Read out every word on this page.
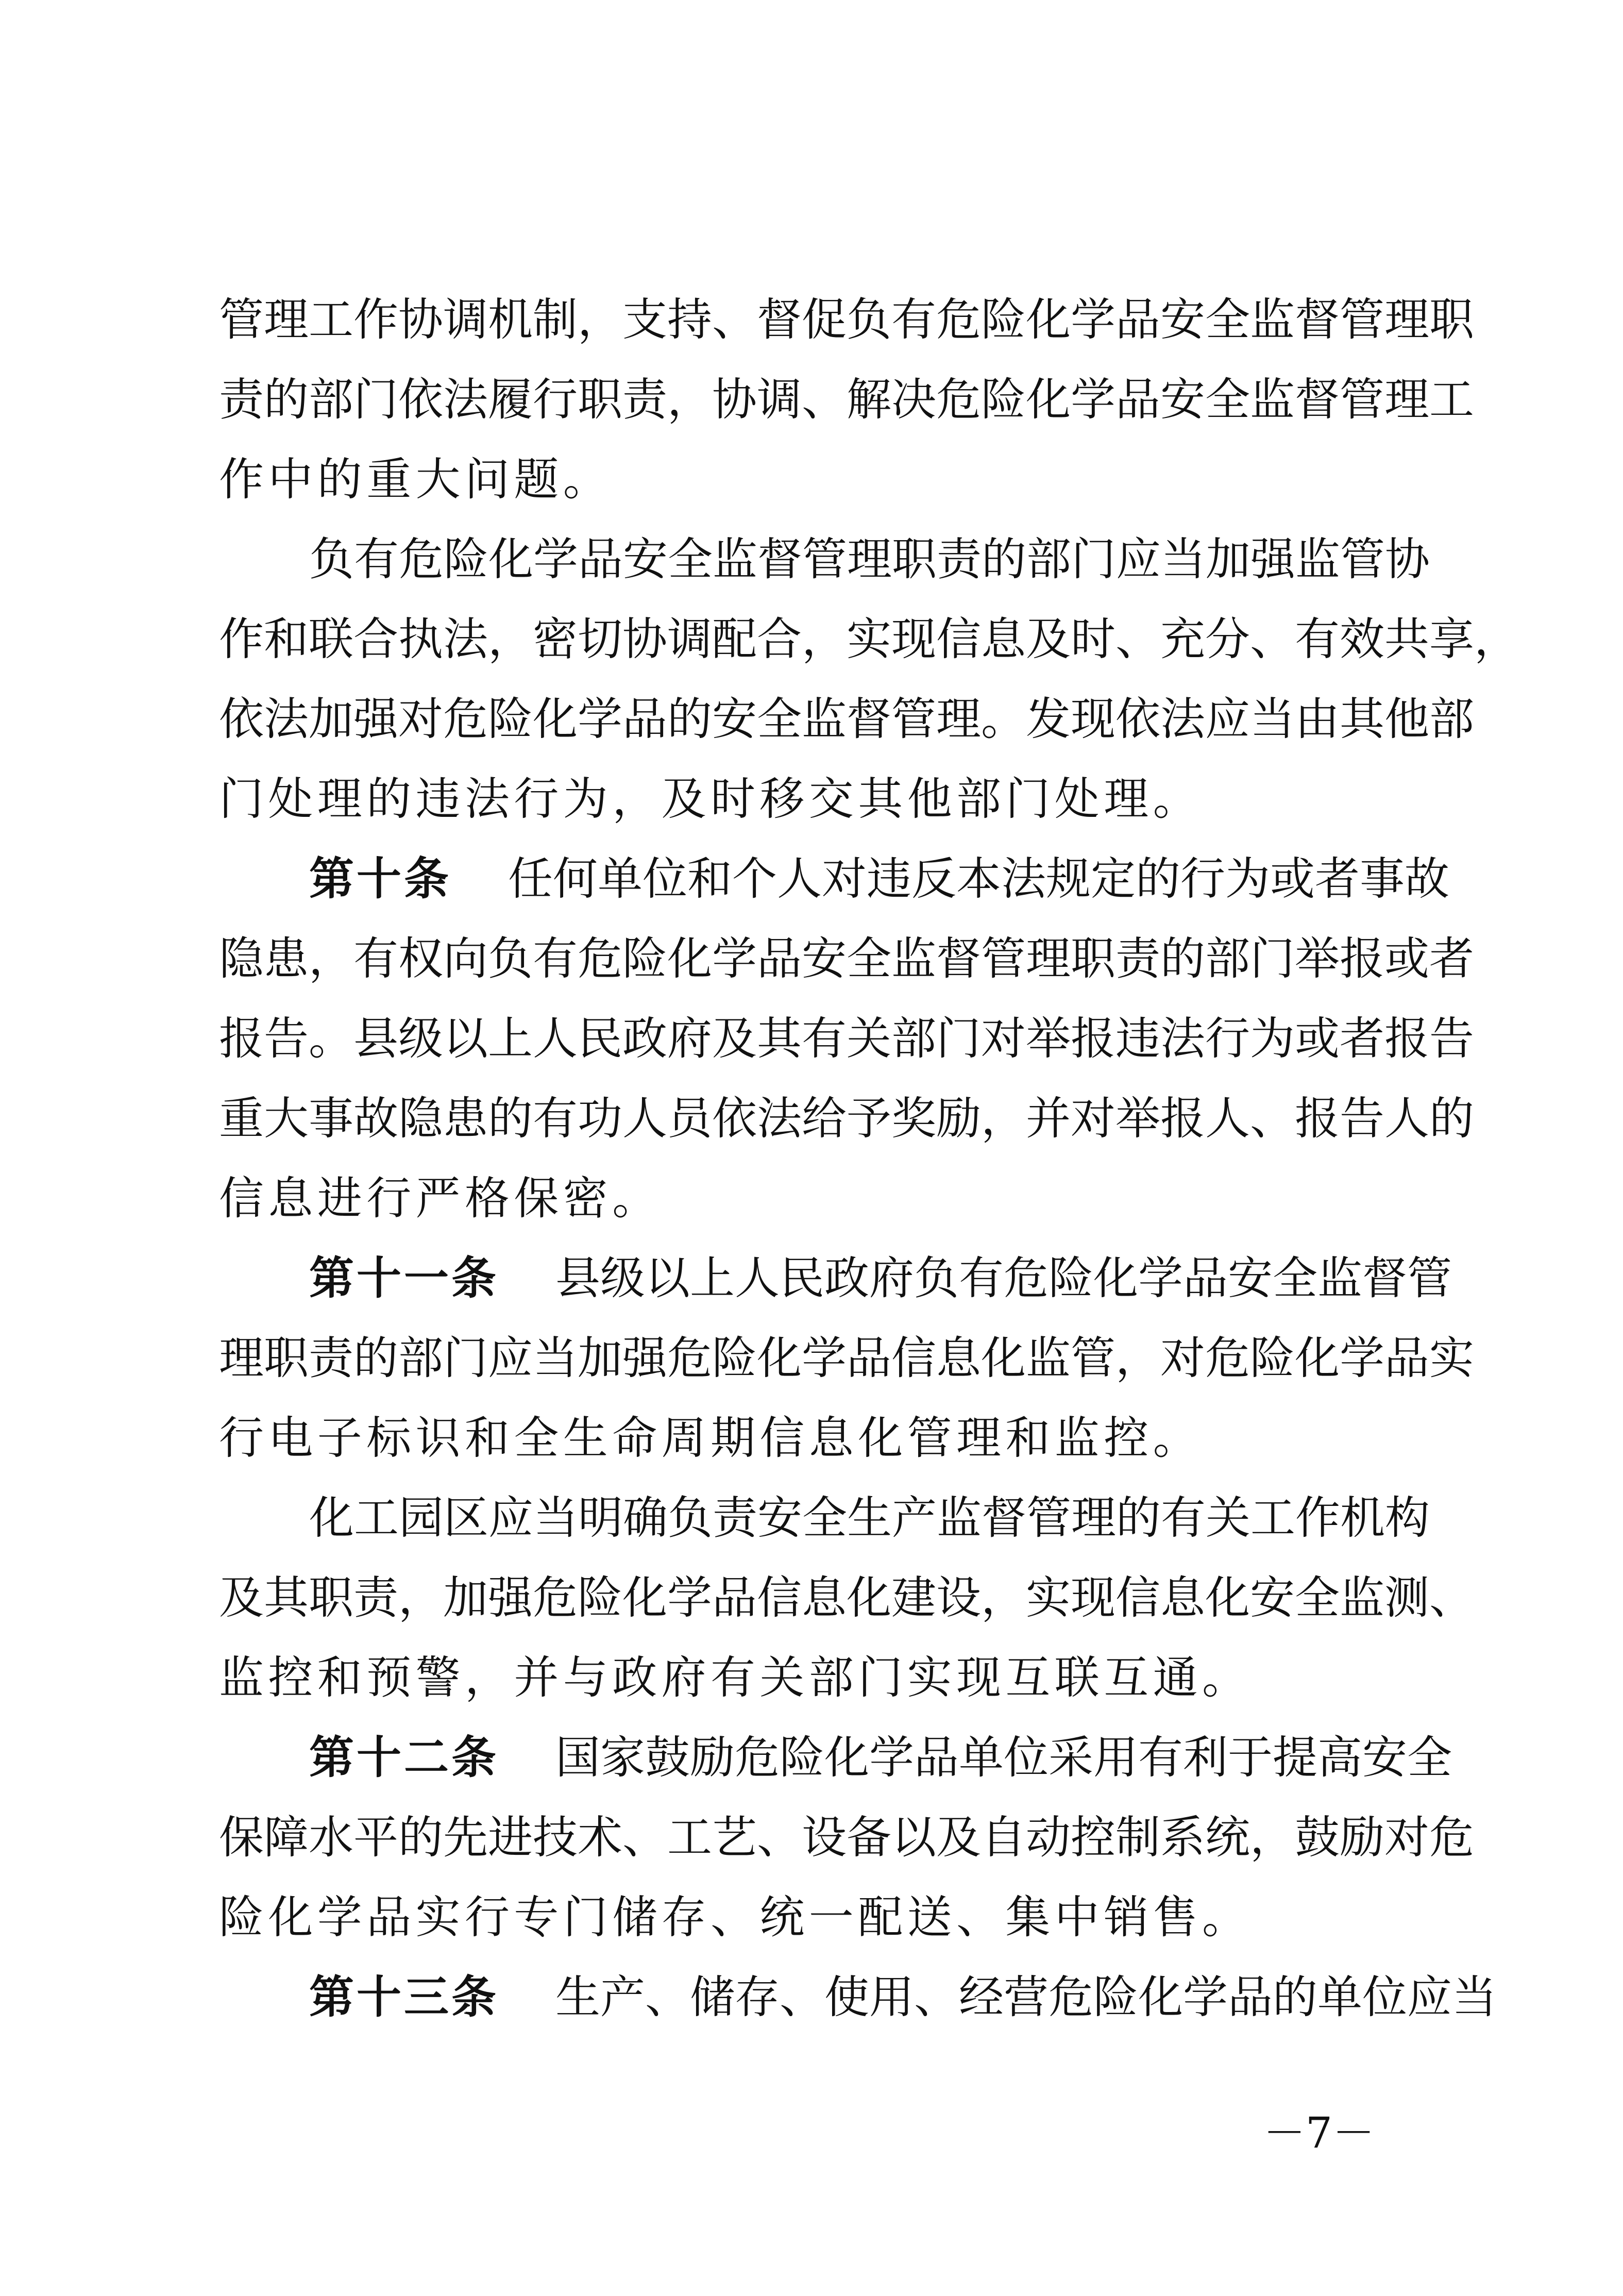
管 理 工 作 协 调 机 制 ， 支 持 、 督 促 负 有 危 险 化 学 品 安 全 监 督 管 理 职
责 的 部 门 依 法 履 行 职 责 ， 协 调 、 解 决 危 险 化 学 品 安 全 监 督 管 理 工
作中的重大问题。
负 有 危 险 化 学 品 安 全 监 督 管 理 职 责 的 部 门 应 当 加 强 监 管 协
作 和 联 合 执 法 ， 密 切 协 调 配 合 ， 实 现 信 息 及 时 、 充 分 、 有 效 共 享 ，
依 法 加 强 对 危 险 化 学 品 的 安 全 监 督 管 理 。 发 现 依 法 应 当 由 其 他 部
门处理的违法行为，及时移交其他部门处理。
第十条 任 何 单 位 和 个 人 对 违 反 本 法 规 定 的 行 为 或 者 事 故
隐 患 ， 有 权 向 负 有 危 险 化 学 品 安 全 监 督 管 理 职 责 的 部 门 举 报 或 者
报 告 。 县 级 以 上 人 民 政 府 及 其 有 关 部 门 对 举 报 违 法 行 为 或 者 报 告
重 大 事 故 隐 患 的 有 功 人 员 依 法 给 予 奖 励 ， 并 对 举 报 人 、 报 告 人 的
信息进行严格保密。
第十一条 县 级 以 上 人 民 政 府 负 有 危 险 化 学 品 安 全 监 督 管
理 职 责 的 部 门 应 当 加 强 危 险 化 学 品 信 息 化 监 管 ， 对 危 险 化 学 品 实
行电子标识和全生命周期信息化管理和监控。
化 工 园 区 应 当 明 确 负 责 安 全 生 产 监 督 管 理 的 有 关 工 作 机 构
及 其 职 责 ， 加 强 危 险 化 学 品 信 息 化 建 设 ， 实 现 信 息 化 安 全 监 测 、
监控和预警，并与政府有关部门实现互联互通。
第十二条 国 家 鼓 励 危 险 化 学 品 单 位 采 用 有 利 于 提 高 安 全
保 障 水 平 的 先 进 技 术 、 工 艺 、 设 备 以 及 自 动 控 制 系 统 ， 鼓 励 对 危
险化学品实行专门储存、统一配送、集中销售。
第十三条 生 产 、 储 存 、 使 用 、 经 营 危 险 化 学 品 的 单 位 应 当
－7－
